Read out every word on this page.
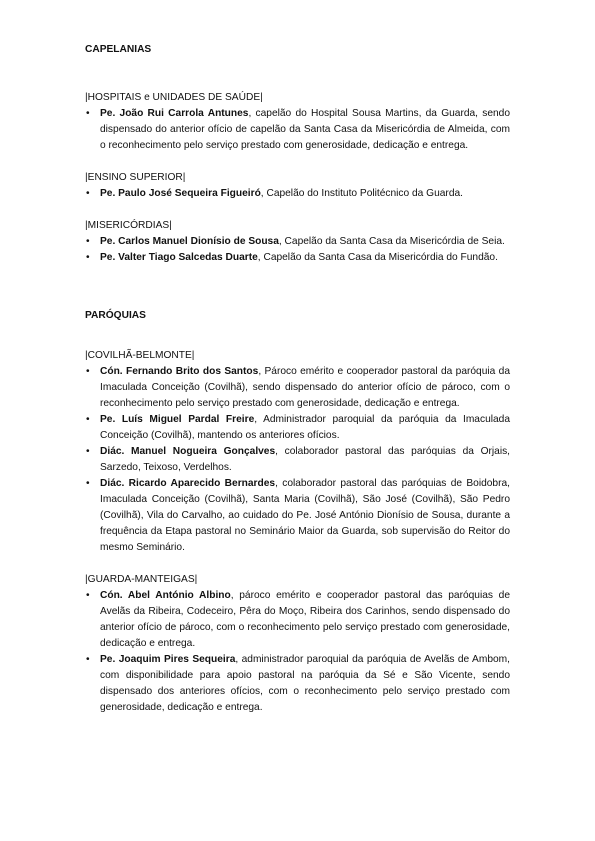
CAPELANIAS

|HOSPITAIS e UNIDADES DE SAÚDE|

• Pe. João Rui Carrola Antunes, capelão do Hospital Sousa Martins, da Guarda, sendo dispensado do anterior ofício de capelão da Santa Casa da Misericórdia de Almeida, com o reconhecimento pelo serviço prestado com generosidade, dedicação e entrega.

|ENSINO SUPERIOR|

• Pe. Paulo José Sequeira Figueiró, Capelão do Instituto Politécnico da Guarda.

|MISERICÓRDIAS|

• Pe. Carlos Manuel Dionísio de Sousa, Capelão da Santa Casa da Misericórdia de Seia.
• Pe. Valter Tiago Salcedas Duarte, Capelão da Santa Casa da Misericórdia do Fundão.

PARÓQUIAS

|COVILHÃ-BELMONTE|

• Cón. Fernando Brito dos Santos, Pároco emérito e cooperador pastoral da paróquia da Imaculada Conceição (Covilhã), sendo dispensado do anterior ofício de pároco, com o reconhecimento pelo serviço prestado com generosidade, dedicação e entrega.
• Pe. Luís Miguel Pardal Freire, Administrador paroquial da paróquia da Imaculada Conceição (Covilhã), mantendo os anteriores ofícios.
• Diác. Manuel Nogueira Gonçalves, colaborador pastoral das paróquias da Orjais, Sarzedo, Teixoso, Verdelhos.
• Diác. Ricardo Aparecido Bernardes, colaborador pastoral das paróquias de Boidobra, Imaculada Conceição (Covilhã), Santa Maria (Covilhã), São José (Covilhã), São Pedro (Covilhã), Vila do Carvalho, ao cuidado do Pe. José António Dionísio de Sousa, durante a frequência da Etapa pastoral no Seminário Maior da Guarda, sob supervisão do Reitor do mesmo Seminário.

|GUARDA-MANTEIGAS|

• Cón. Abel António Albino, pároco emérito e cooperador pastoral das paróquias de Avelãs da Ribeira, Codeceiro, Pêra do Moço, Ribeira dos Carinhos, sendo dispensado do anterior ofício de pároco, com o reconhecimento pelo serviço prestado com generosidade, dedicação e entrega.
• Pe. Joaquim Pires Sequeira, administrador paroquial da paróquia de Avelãs de Ambom, com disponibilidade para apoio pastoral na paróquia da Sé e São Vicente, sendo dispensado dos anteriores ofícios, com o reconhecimento pelo serviço prestado com generosidade, dedicação e entrega.
